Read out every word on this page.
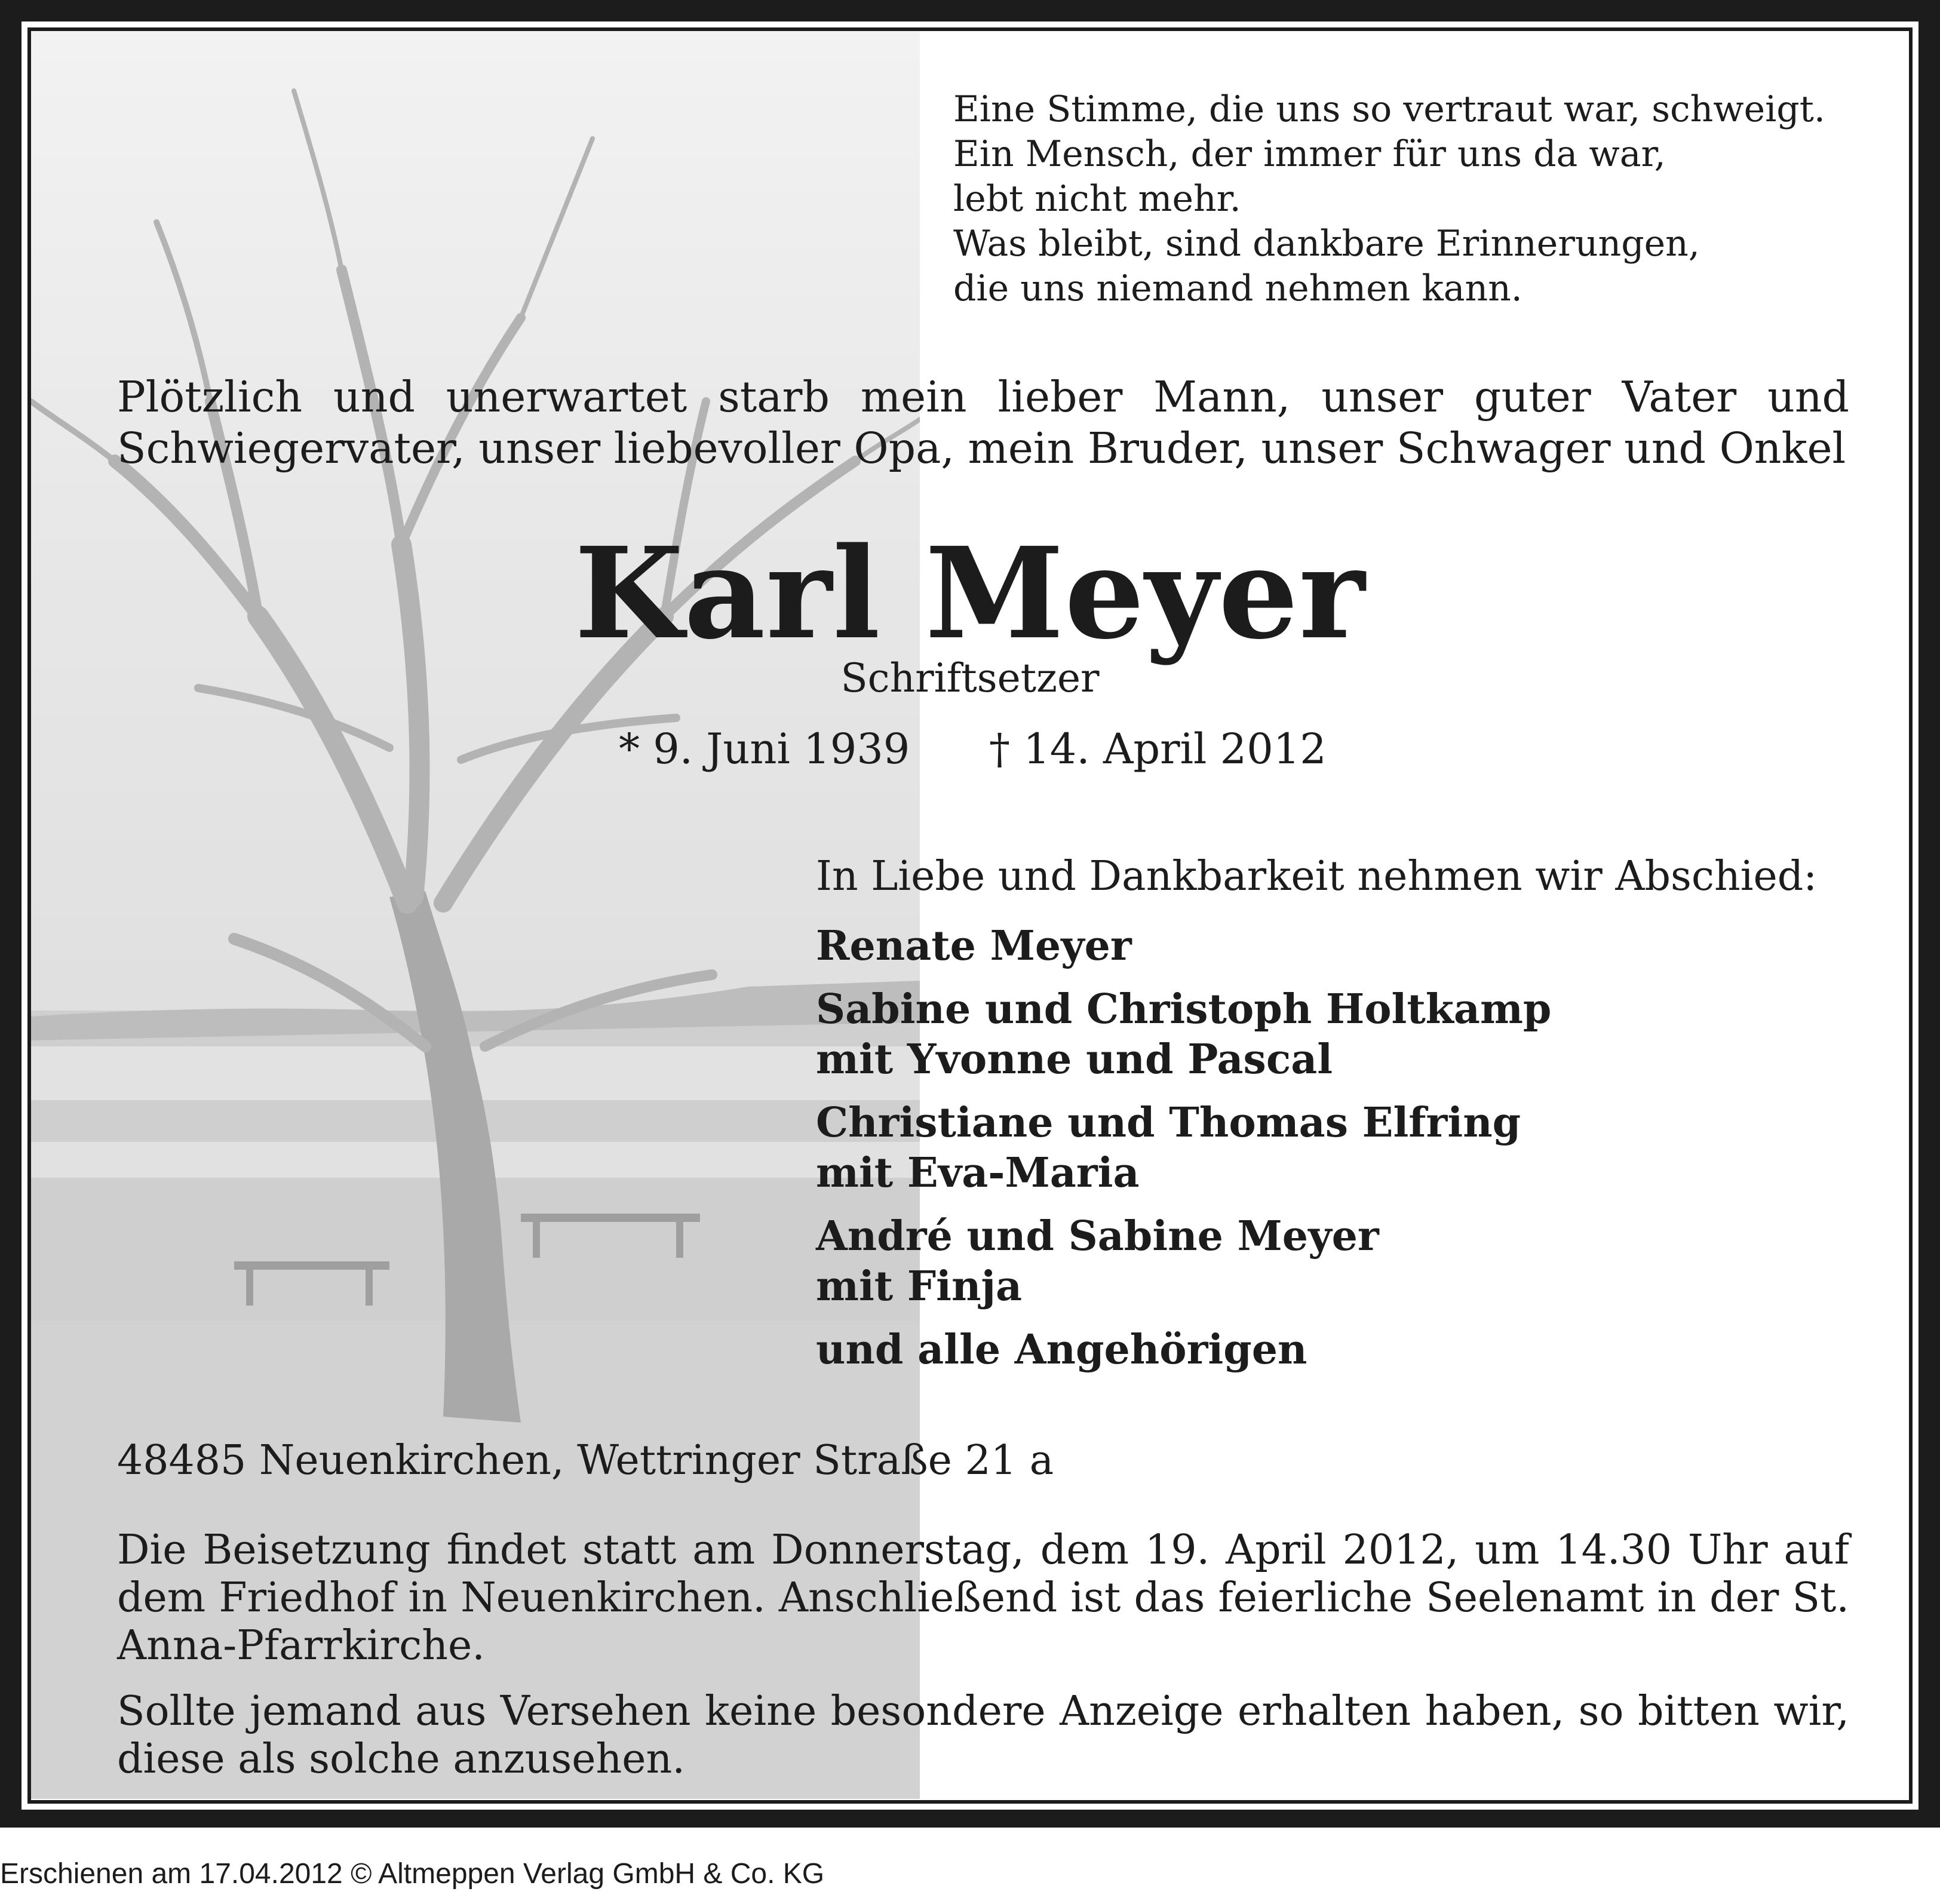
Eine Stimme, die uns so vertraut war, schweigt.
Ein Mensch, der immer für uns da war,
lebt nicht mehr.
Was bleibt, sind dankbare Erinnerungen,
die uns niemand nehmen kann.
Plötzlich und unerwartet starb mein lieber Mann, unser guter Vater und Schwiegervater, unser liebevoller Opa, mein Bruder, unser Schwager und Onkel
Karl Meyer
Schriftsetzer
* 9. Juni 1939 † 14. April 2012
In Liebe und Dankbarkeit nehmen wir Abschied:
Renate Meyer
Sabine und Christoph Holtkamp
mit Yvonne und Pascal
Christiane und Thomas Elfring
mit Eva-Maria
André und Sabine Meyer
mit Finja
und alle Angehörigen
48485 Neuenkirchen, Wettringer Straße 21 a
Die Beisetzung findet statt am Donnerstag, dem 19. April 2012, um 14.30 Uhr auf dem Friedhof in Neuenkirchen. Anschließend ist das feierliche Seelenamt in der St. Anna-Pfarrkirche.
Sollte jemand aus Versehen keine besondere Anzeige erhalten haben, so bitten wir, diese als solche anzusehen.
Erschienen am 17.04.2012 © Altmeppen Verlag GmbH & Co. KG
